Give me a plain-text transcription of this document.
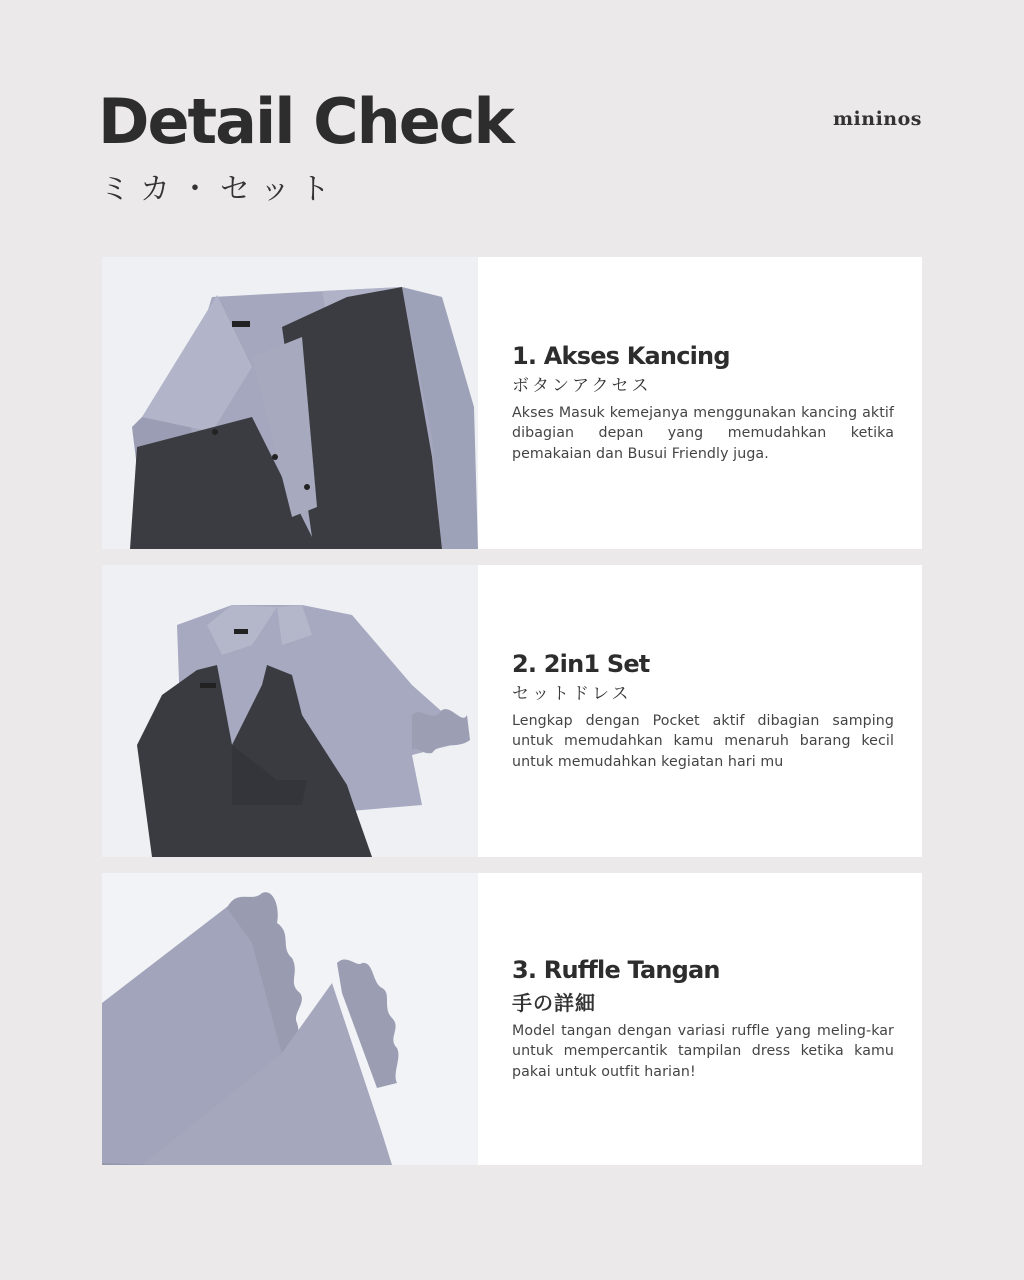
Detail Check
ミカ・セット
mininos
1. Akses Kancing
ボタンアクセス

Akses Masuk kemejanya menggunakan kancing aktif dibagian depan yang memudahkan ketika pemakaian dan Busui Friendly juga.

2. 2in1 Set
セットドレス

Lengkap dengan Pocket aktif dibagian samping untuk memudahkan kamu menaruh barang kecil untuk memudahkan kegiatan hari mu

3. Ruffle Tangan
手の詳細

Model tangan dengan variasi ruffle yang meling-kar untuk mempercantik tampilan dress ketika kamu pakai untuk outfit harian!
